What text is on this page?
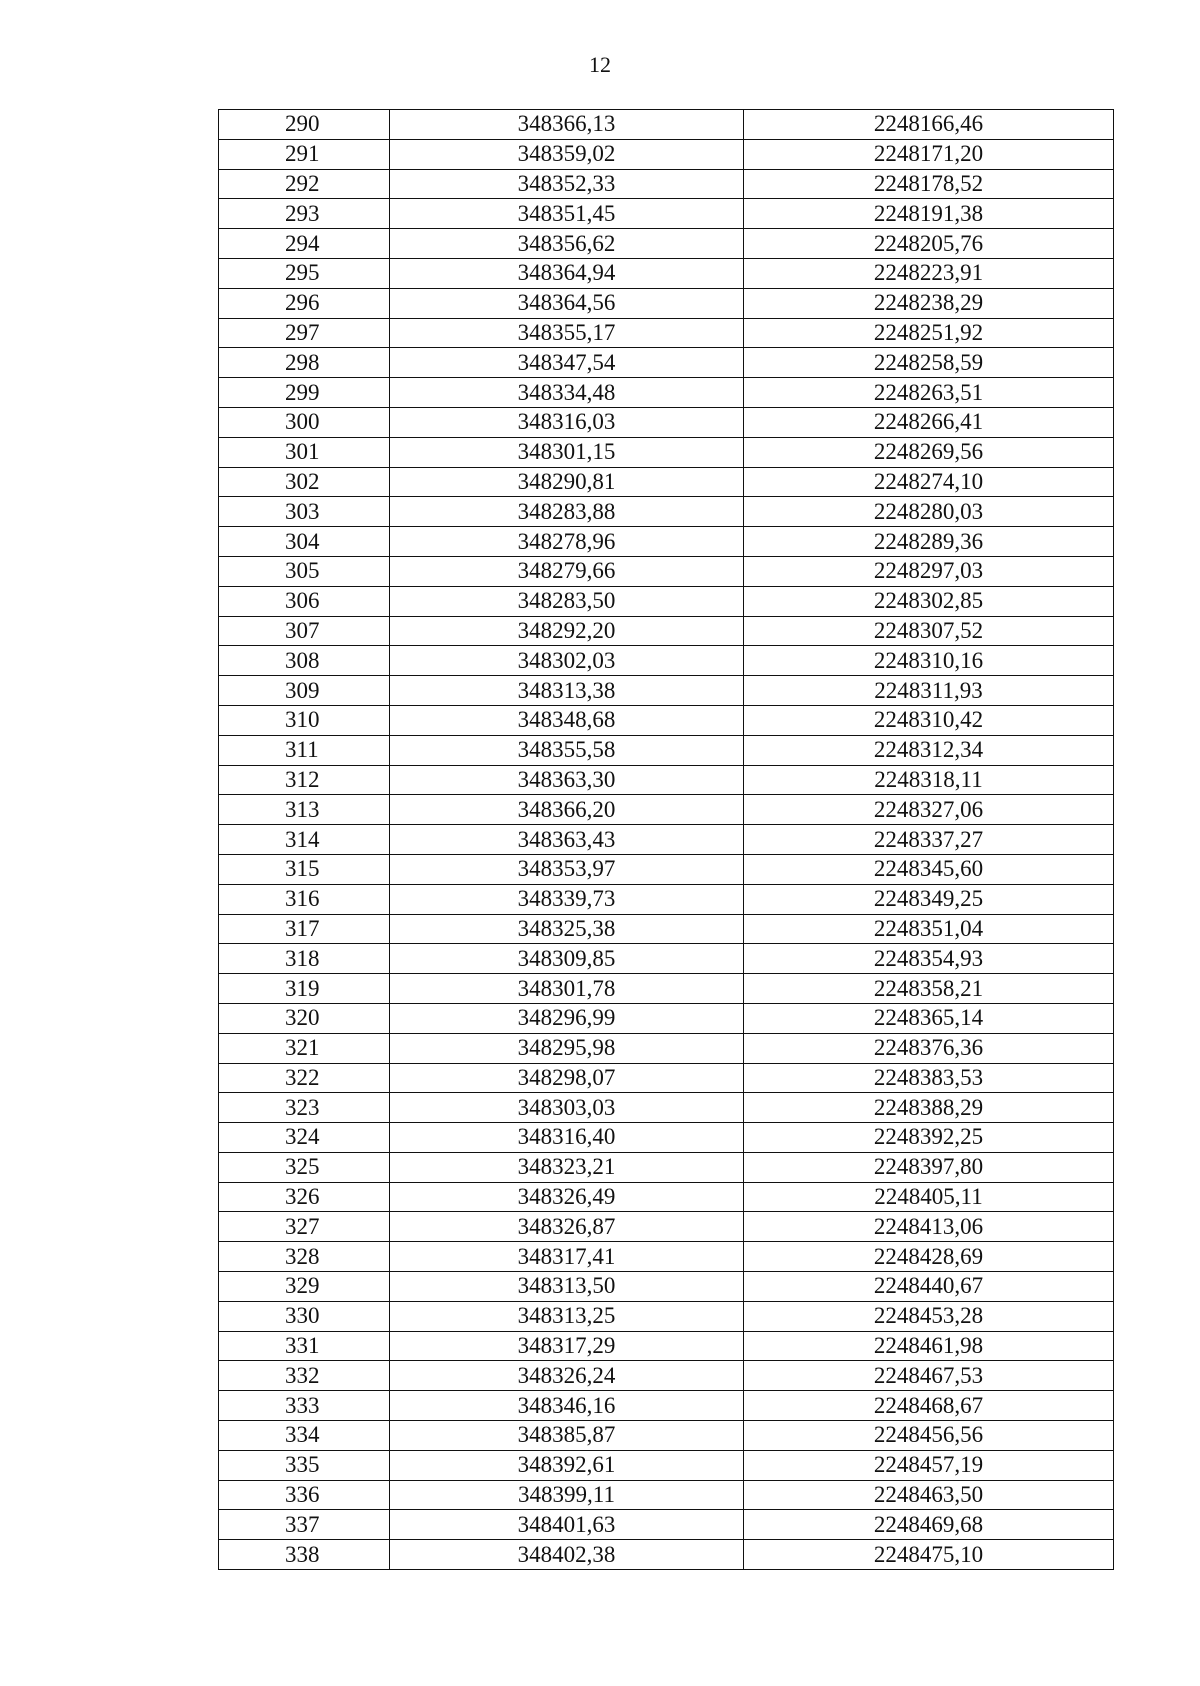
12
290	348366,13	2248166,46
291	348359,02	2248171,20
292	348352,33	2248178,52
293	348351,45	2248191,38
294	348356,62	2248205,76
295	348364,94	2248223,91
296	348364,56	2248238,29
297	348355,17	2248251,92
298	348347,54	2248258,59
299	348334,48	2248263,51
300	348316,03	2248266,41
301	348301,15	2248269,56
302	348290,81	2248274,10
303	348283,88	2248280,03
304	348278,96	2248289,36
305	348279,66	2248297,03
306	348283,50	2248302,85
307	348292,20	2248307,52
308	348302,03	2248310,16
309	348313,38	2248311,93
310	348348,68	2248310,42
311	348355,58	2248312,34
312	348363,30	2248318,11
313	348366,20	2248327,06
314	348363,43	2248337,27
315	348353,97	2248345,60
316	348339,73	2248349,25
317	348325,38	2248351,04
318	348309,85	2248354,93
319	348301,78	2248358,21
320	348296,99	2248365,14
321	348295,98	2248376,36
322	348298,07	2248383,53
323	348303,03	2248388,29
324	348316,40	2248392,25
325	348323,21	2248397,80
326	348326,49	2248405,11
327	348326,87	2248413,06
328	348317,41	2248428,69
329	348313,50	2248440,67
330	348313,25	2248453,28
331	348317,29	2248461,98
332	348326,24	2248467,53
333	348346,16	2248468,67
334	348385,87	2248456,56
335	348392,61	2248457,19
336	348399,11	2248463,50
337	348401,63	2248469,68
338	348402,38	2248475,10
